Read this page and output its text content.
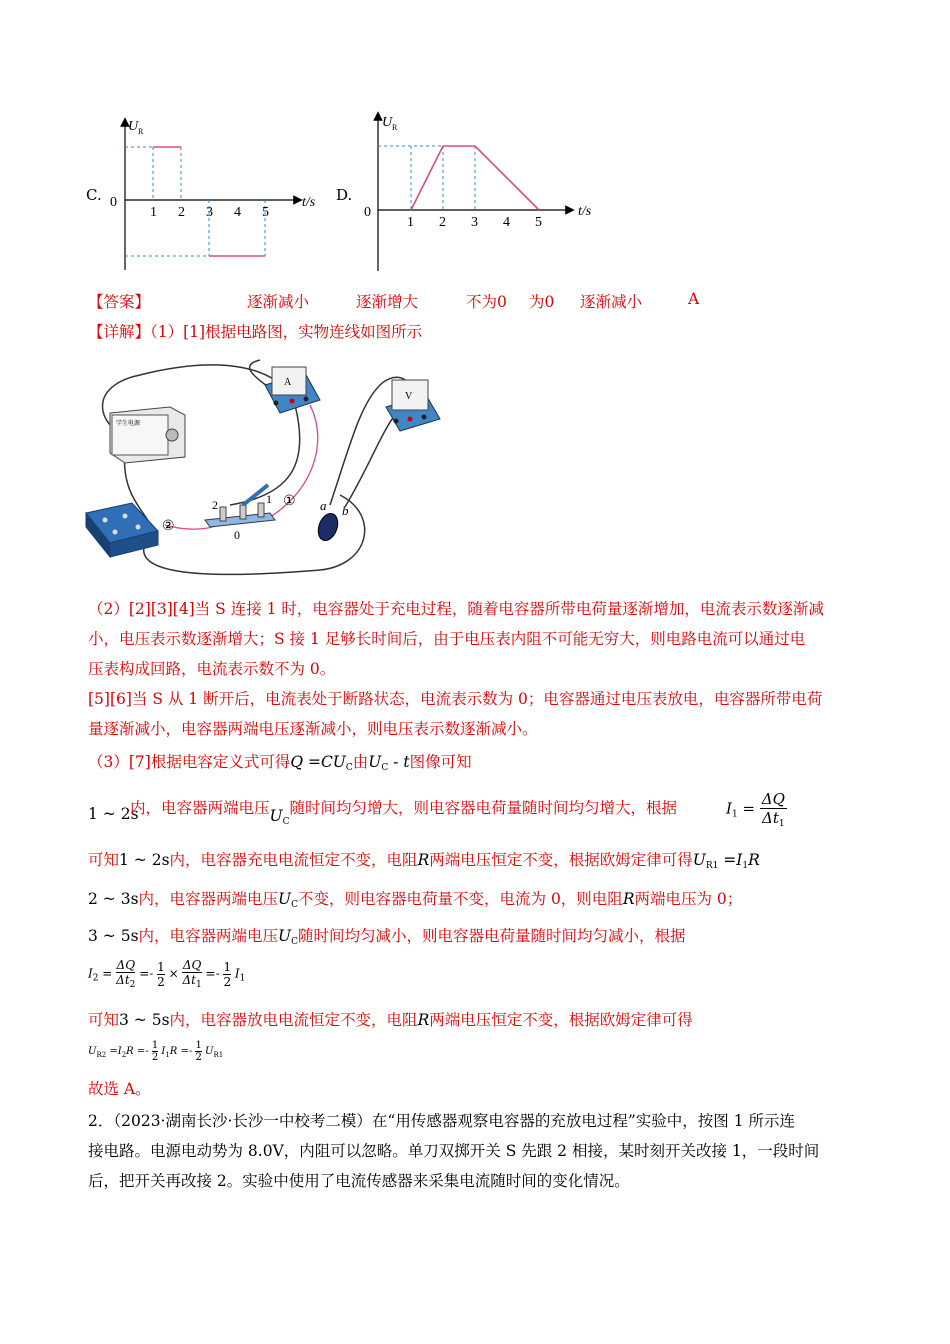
C.
1 2 3 4 5
0	t/s
U R
D.
1 2 3 4 5
0	t/s
U R
【答案】	逐渐减小	逐渐增大	不为0 为0 逐渐减小	A
【详解】（1）[1]根据电路图，实物连线如图所示
学生电源
2	1
0
A
V
a b
①
②
（2）[2][3][4]当 S 连接 1 时，电容器处于充电过程，随着电容器所带电荷量逐渐增加，电流表示数逐渐减
小，电压表示数逐渐增大；S 接 1 足够长时间后，由于电压表内阻不可能无穷大，则电路电流可以通过电
压表构成回路，电流表示数不为 0。
[5][6]当 S 从 1 断开后，电流表处于断路状态，电流表示数为 0；电容器通过电压表放电，电容器所带电荷
量逐渐减小，电容器两端电压逐渐减小，则电压表示数逐渐减小。
（3）[7]根据电容定义式可得$Q =CU_C$由$U_C$ - t图像可知
1 ~ 2s
内，电容器两端电压$U_C$随时间均匀增大，则电容器电荷量随时间均匀增大，根据	$I_1 = \frac{\Delta Q}{\Delta t_1}$
可知1 ~ 2s内，电容器充电电流恒定不变，电阻R两端电压恒定不变，根据欧姆定律可得$U_{R1} =I_1R$
2 ~ 3s内，电容器两端电压$U_C$不变，则电容器电荷量不变，电流为 0，则电阻R两端电压为 0；
3 ~ 5s内，电容器两端电压$U_C$随时间均匀减小，则电容器电荷量随时间均匀减小，根据
$I_2 = \frac{\Delta Q}{\Delta t_2} =- \frac{1}{2} \times \frac{\Delta Q}{\Delta t_1} =- \frac{1}{2} I_1$
可知3 ~ 5s内，电容器放电电流恒定不变，电阻R两端电压恒定不变，根据欧姆定律可得
$U_{R2} =I_2R =- \frac{1}{2} I_1R =- \frac{1}{2} U_{R1}$
故选 A。
2．（2023·湖南长沙·长沙一中校考二模）在“用传感器观察电容器的充放电过程”实验中，按图 1 所示连
接电路。电源电动势为 8.0V，内阻可以忽略。单刀双掷开关 S 先跟 2 相接，某时刻开关改接 1，一段时间
后，把开关再改接 2。实验中使用了电流传感器来采集电流随时间的变化情况。
